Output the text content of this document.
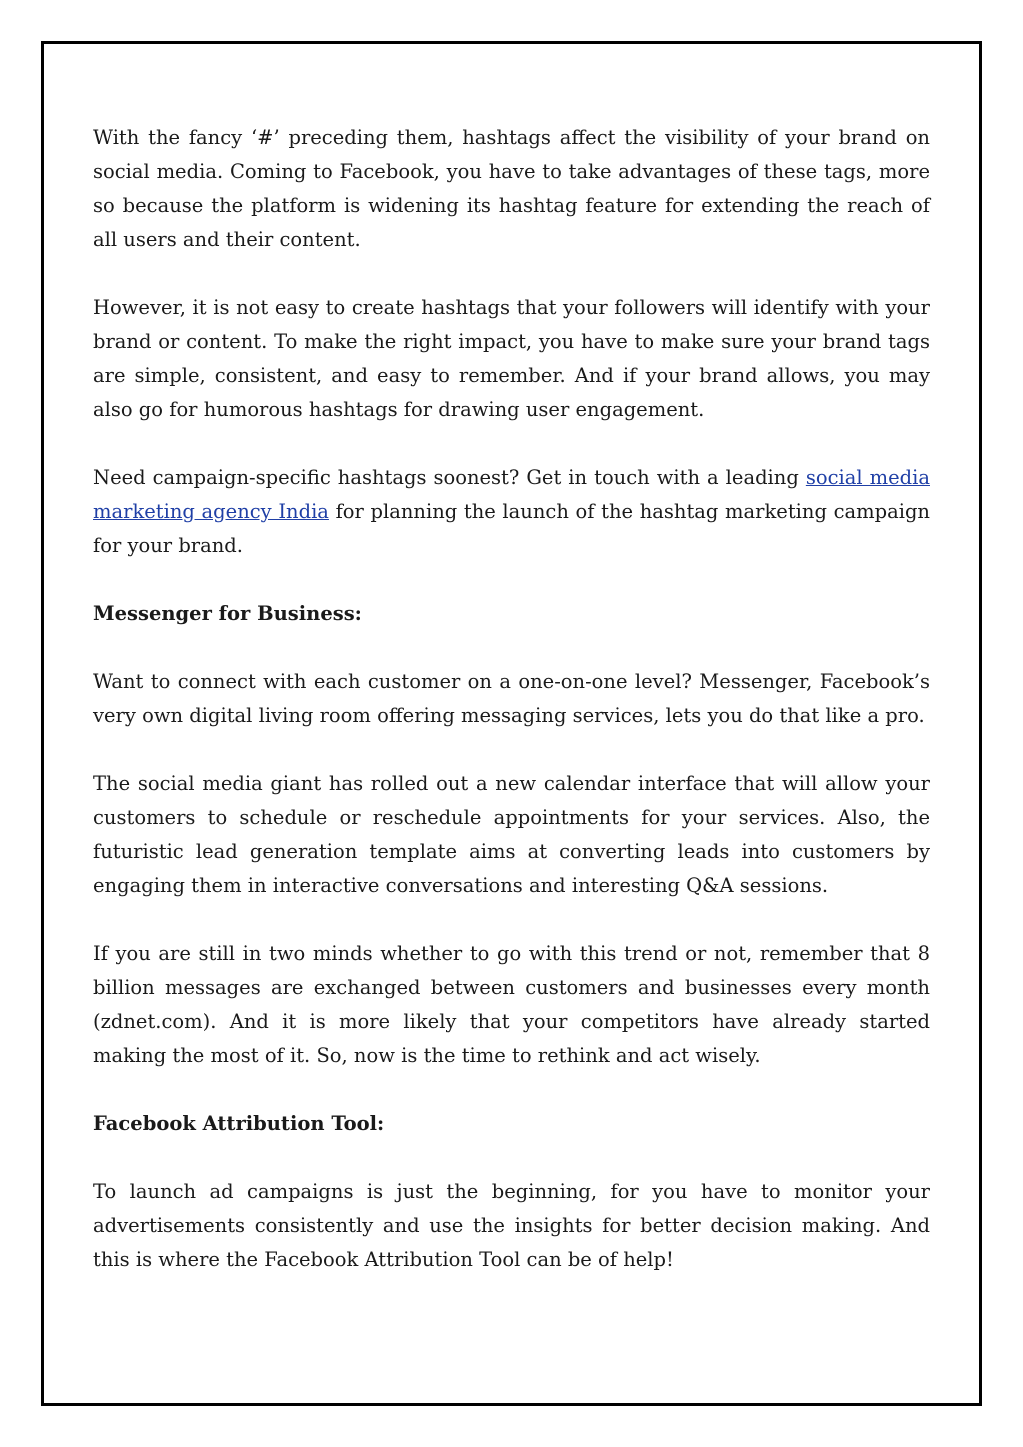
With the fancy ‘#’ preceding them, hashtags affect the visibility of your brand on social media. Coming to Facebook, you have to take advantages of these tags, more so because the platform is widening its hashtag feature for extending the reach of all users and their content.

However, it is not easy to create hashtags that your followers will identify with your brand or content. To make the right impact, you have to make sure your brand tags are simple, consistent, and easy to remember. And if your brand allows, you may also go for humorous hashtags for drawing user engagement.

Need campaign-specific hashtags soonest? Get in touch with a leading social media marketing agency India for planning the launch of the hashtag marketing campaign for your brand.

Messenger for Business:

Want to connect with each customer on a one-on-one level? Messenger, Facebook’s very own digital living room offering messaging services, lets you do that like a pro.

The social media giant has rolled out a new calendar interface that will allow your customers to schedule or reschedule appointments for your services. Also, the futuristic lead generation template aims at converting leads into customers by engaging them in interactive conversations and interesting Q&A sessions.

If you are still in two minds whether to go with this trend or not, remember that 8 billion messages are exchanged between customers and businesses every month (zdnet.com). And it is more likely that your competitors have already started making the most of it. So, now is the time to rethink and act wisely.

Facebook Attribution Tool:

To launch ad campaigns is just the beginning, for you have to monitor your advertisements consistently and use the insights for better decision making. And this is where the Facebook Attribution Tool can be of help!
